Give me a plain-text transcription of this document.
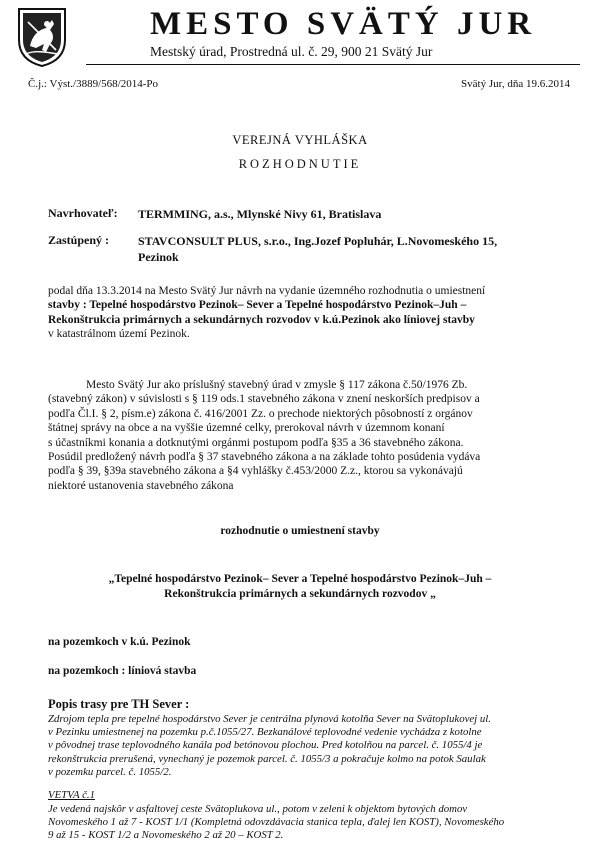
MESTO SVÄTÝ JUR
Mestský úrad, Prostredná ul. č. 29, 900 21 Svätý Jur
Č.j.: Výst./3889/568/2014-Po	Svätý Jur, dňa 19.6.2014
VEREJNÁ VYHLÁŠKA
ROZHODNUTIE
Navrhovateľ: TERMMING, a.s., Mlynské Nivy 61, Bratislava
Zastúpený : STAVCONSULT PLUS, s.r.o., Ing.Jozef Popluhár, L.Novomeského 15,
Pezinok
podal dňa 13.3.2014 na Mesto Svätý Jur návrh na vydanie územného rozhodnutia o umiestnení
stavby : Tepelné hospodárstvo Pezinok– Sever a Tepelné hospodárstvo Pezinok–Juh –
Rekonštrukcia primárnych a sekundárnych rozvodov v k.ú.Pezinok ako líniovej stavby
v katastrálnom území Pezinok.
Mesto Svätý Jur ako príslušný stavebný úrad v zmysle § 117 zákona č.50/1976 Zb.
(stavebný zákon) v súvislosti s § 119 ods.1 stavebného zákona v znení neskorších predpisov a
podľa Čl.I. § 2, písm.e) zákona č. 416/2001 Zz. o prechode niektorých pôsobností z orgánov
štátnej správy na obce a na vyššie územné celky, prerokoval návrh v územnom konaní
s účastníkmi konania a dotknutými orgánmi postupom podľa §35 a 36 stavebného zákona.
Posúdil predložený návrh podľa § 37 stavebného zákona a na základe tohto posúdenia vydáva
podľa § 39, §39a stavebného zákona a §4 vyhlášky č.453/2000 Z.z., ktorou sa vykonávajú
niektoré ustanovenia stavebného zákona
rozhodnutie o umiestnení stavby
„Tepelné hospodárstvo Pezinok– Sever a Tepelné hospodárstvo Pezinok–Juh –
Rekonštrukcia primárnych a sekundárnych rozvodov „
na pozemkoch v k.ú. Pezinok
na pozemkoch : líniová stavba
Popis trasy pre TH Sever :
Zdrojom tepla pre tepelné hospodárstvo Sever je centrálna plynová kotolňa Sever na Svätoplukovej ul.
v Pezinku umiestnenej na pozemku p.č.1055/27. Bezkanálové teplovodné vedenie vychádza z kotolne
v pôvodnej trase teplovodného kanála pod betónovou plochou. Pred kotolňou na parcel. č. 1055/4 je
rekonštrukcia prerušená, vynechaný je pozemok parcel. č. 1055/3 a pokračuje kolmo na potok Saulak
v pozemku parcel. č. 1055/2.
VETVA č.1
Je vedená najskôr v asfaltovej ceste Svätoplukova ul., potom v zeleni k objektom bytových domov
Novomeského 1 až 7 - KOST 1/1 (Kompletná odovzdávacia stanica tepla, ďalej len KOST), Novomeského
9 až 15 - KOST 1/2 a Novomeského 2 až 20 – KOST 2.
